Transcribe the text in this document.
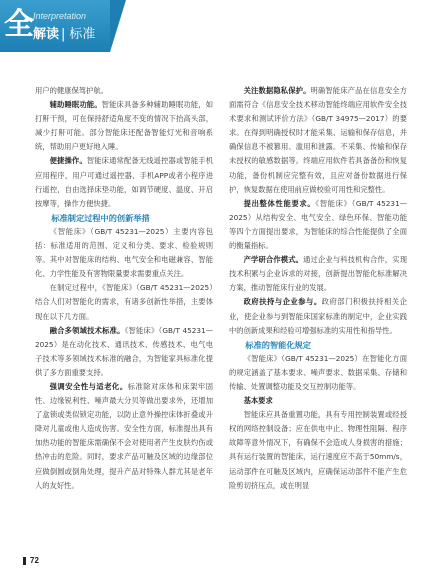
全 Interpretation
解读 | 标准

用户的健康保驾护航。

辅助睡眠功能。智能床具备多种辅助睡眠功能，如打鼾干预，可在保持舒适角度不变的情况下抬高头部，减少打鼾可能。部分智能床还配备智能灯光和音响系统，帮助用户更好地入睡。

便捷操作。智能床通常配备无线遥控器或智能手机应用程序，用户可通过遥控器、手机APP或者小程序进行遥控，自由选择床垫功能，如调节硬度、温度、开启按摩等，操作方便快捷。

标准制定过程中的创新举措

《智能床》（GB/T 45231—2025）主要内容包括：标准适用的范围、定义和分类、要求、检验规则等。其中对智能床的结构、电气安全和电磁兼容、智能化、力学性能及有害物限量要求需要重点关注。

在制定过程中，《智能床》（GB/T 45231—2025）结合人们对智能化的需求，有诸多创新性举措，主要体现在以下几方面。

融合多领域技术标准。《智能床》（GB/T 45231—2025）是在动化技术、通讯技术、传感技术、电气电子技术等多领域技术标准的融合，为智能家具标准化提供了多方面重要支持。

强调安全性与适老化。标准除对床体和床架牢固性、边缘锐利性、噪声最大分贝等做出要求外，还增加了盒锁或类似锁定功能，以防止意外操控床体折叠或升降对儿童或他人造成伤害。安全性方面，标准提出具有加热功能的智能床需确保不会对使用者产生皮肤灼伤或热冲击的危险。同时，要求产品可触及区域的边缘部位应做倒圆或倒角处理，提升产品对特殊人群尤其是老年人的友好性。

关注数据隐私保护。明确智能床产品在信息安全方面需符合《信息安全技术移动智能终端应用软件安全技术要求和测试评价方法》（GB/T 34975—2017）的要求。在得到明确授权时才能采集、运输和保存信息，并确保信息不被篡用、滥用和泄露。不采集、传输和保存未授权的敏感数据等。终端应用软件若具备备份和恢复功能，备份机制应完整有效，且应对备份数据进行保护，恢复数据在使用前应做校验可用性和完整性。

提出整体性能要求。《智能床》（GB/T 45231—2025）从结构安全、电气安全、绿色环保、智能功能等四个方面提出要求，为智能床的综合性能提供了全面的衡量指标。

产学研合作模式。通过企业与科技机构合作，实现技术积累与企业诉求的对接，创新提出智能化标准解决方案，推动智能床行业的发展。

政府扶持与企业参与。政府部门积极扶持相关企业，使企业参与到智能床国家标准的制定中，企业实践中的创新成果和经验可增强标准的实用性和指导性。

标准的智能化规定

《智能床》（GB/T 45231—2025）在智能化方面的规定涵盖了基本要求、噪声要求、数据采集、存储和传输、处置调整功能及交互控制功能等。

基本要求

智能床应具备重置功能，具有专用控制装置或经授权的网络控制设备；应在供电中止、物理性阻隔、程序故障等意外情况下，有确保不会造成人身损害的措施；具有运行装置的智能床，运行速度应不高于50mm/s，运动部件在可触及区域内，应确保运动部件不能产生危险剪切挤压点，或在明显

72
